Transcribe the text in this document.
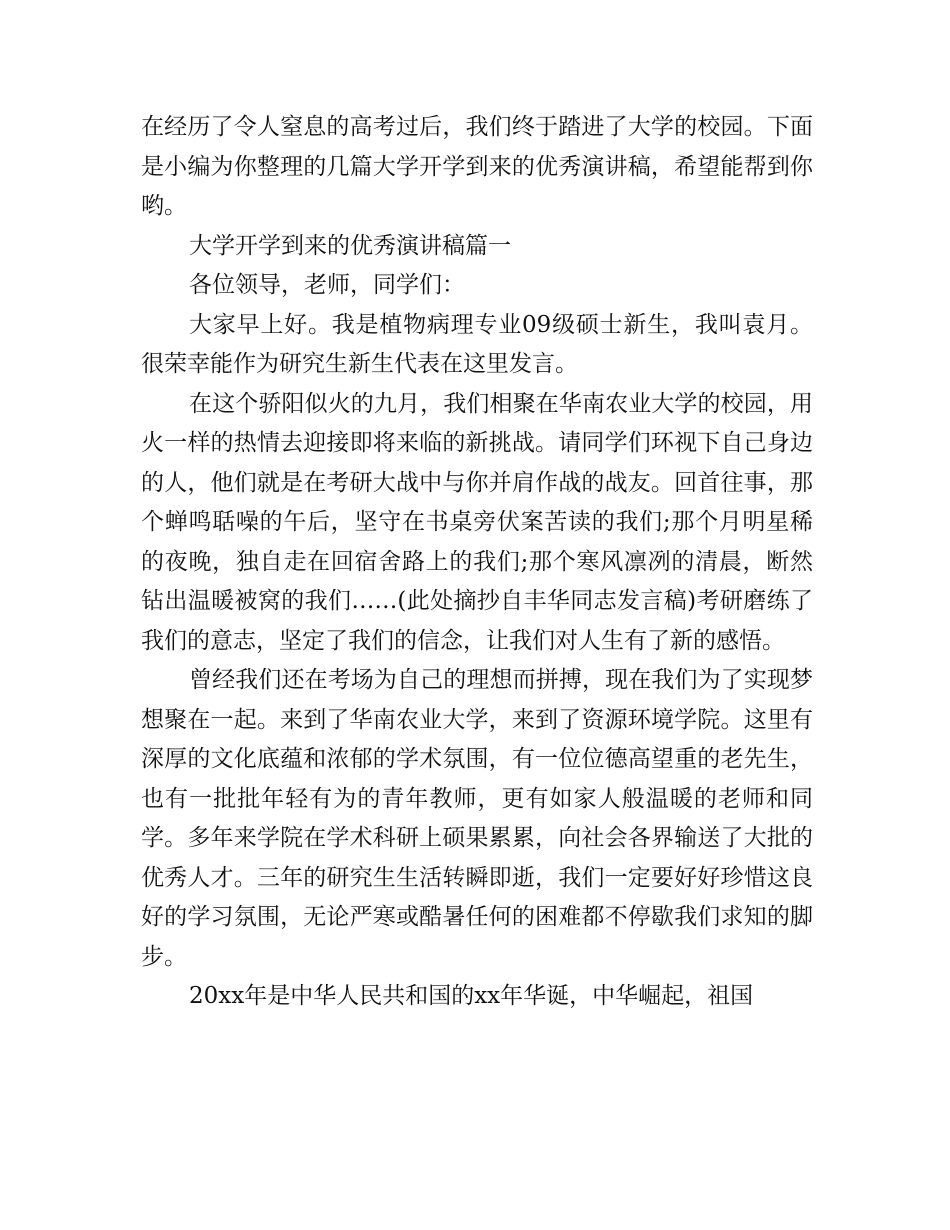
在经历了令人窒息的高考过后，我们终于踏进了大学的校园。下面是小编为你整理的几篇大学开学到来的优秀演讲稿，希望能帮到你哟。

大学开学到来的优秀演讲稿篇一

各位领导，老师，同学们：

大家早上好。我是植物病理专业09级硕士新生，我叫袁月。很荣幸能作为研究生新生代表在这里发言。

在这个骄阳似火的九月，我们相聚在华南农业大学的校园，用火一样的热情去迎接即将来临的新挑战。请同学们环视下自己身边的人，他们就是在考研大战中与你并肩作战的战友。回首往事，那个蝉鸣聒噪的午后，坚守在书桌旁伏案苦读的我们;那个月明星稀的夜晚，独自走在回宿舍路上的我们;那个寒风凛冽的清晨，断然钻出温暖被窝的我们……(此处摘抄自丰华同志发言稿)考研磨练了我们的意志，坚定了我们的信念，让我们对人生有了新的感悟。

曾经我们还在考场为自己的理想而拼搏，现在我们为了实现梦想聚在一起。来到了华南农业大学，来到了资源环境学院。这里有深厚的文化底蕴和浓郁的学术氛围，有一位位德高望重的老先生，也有一批批年轻有为的青年教师，更有如家人般温暖的老师和同学。多年来学院在学术科研上硕果累累，向社会各界输送了大批的优秀人才。三年的研究生生活转瞬即逝，我们一定要好好珍惜这良好的学习氛围，无论严寒或酷暑任何的困难都不停歇我们求知的脚步。

20xx年是中华人民共和国的xx年华诞，中华崛起，祖国
